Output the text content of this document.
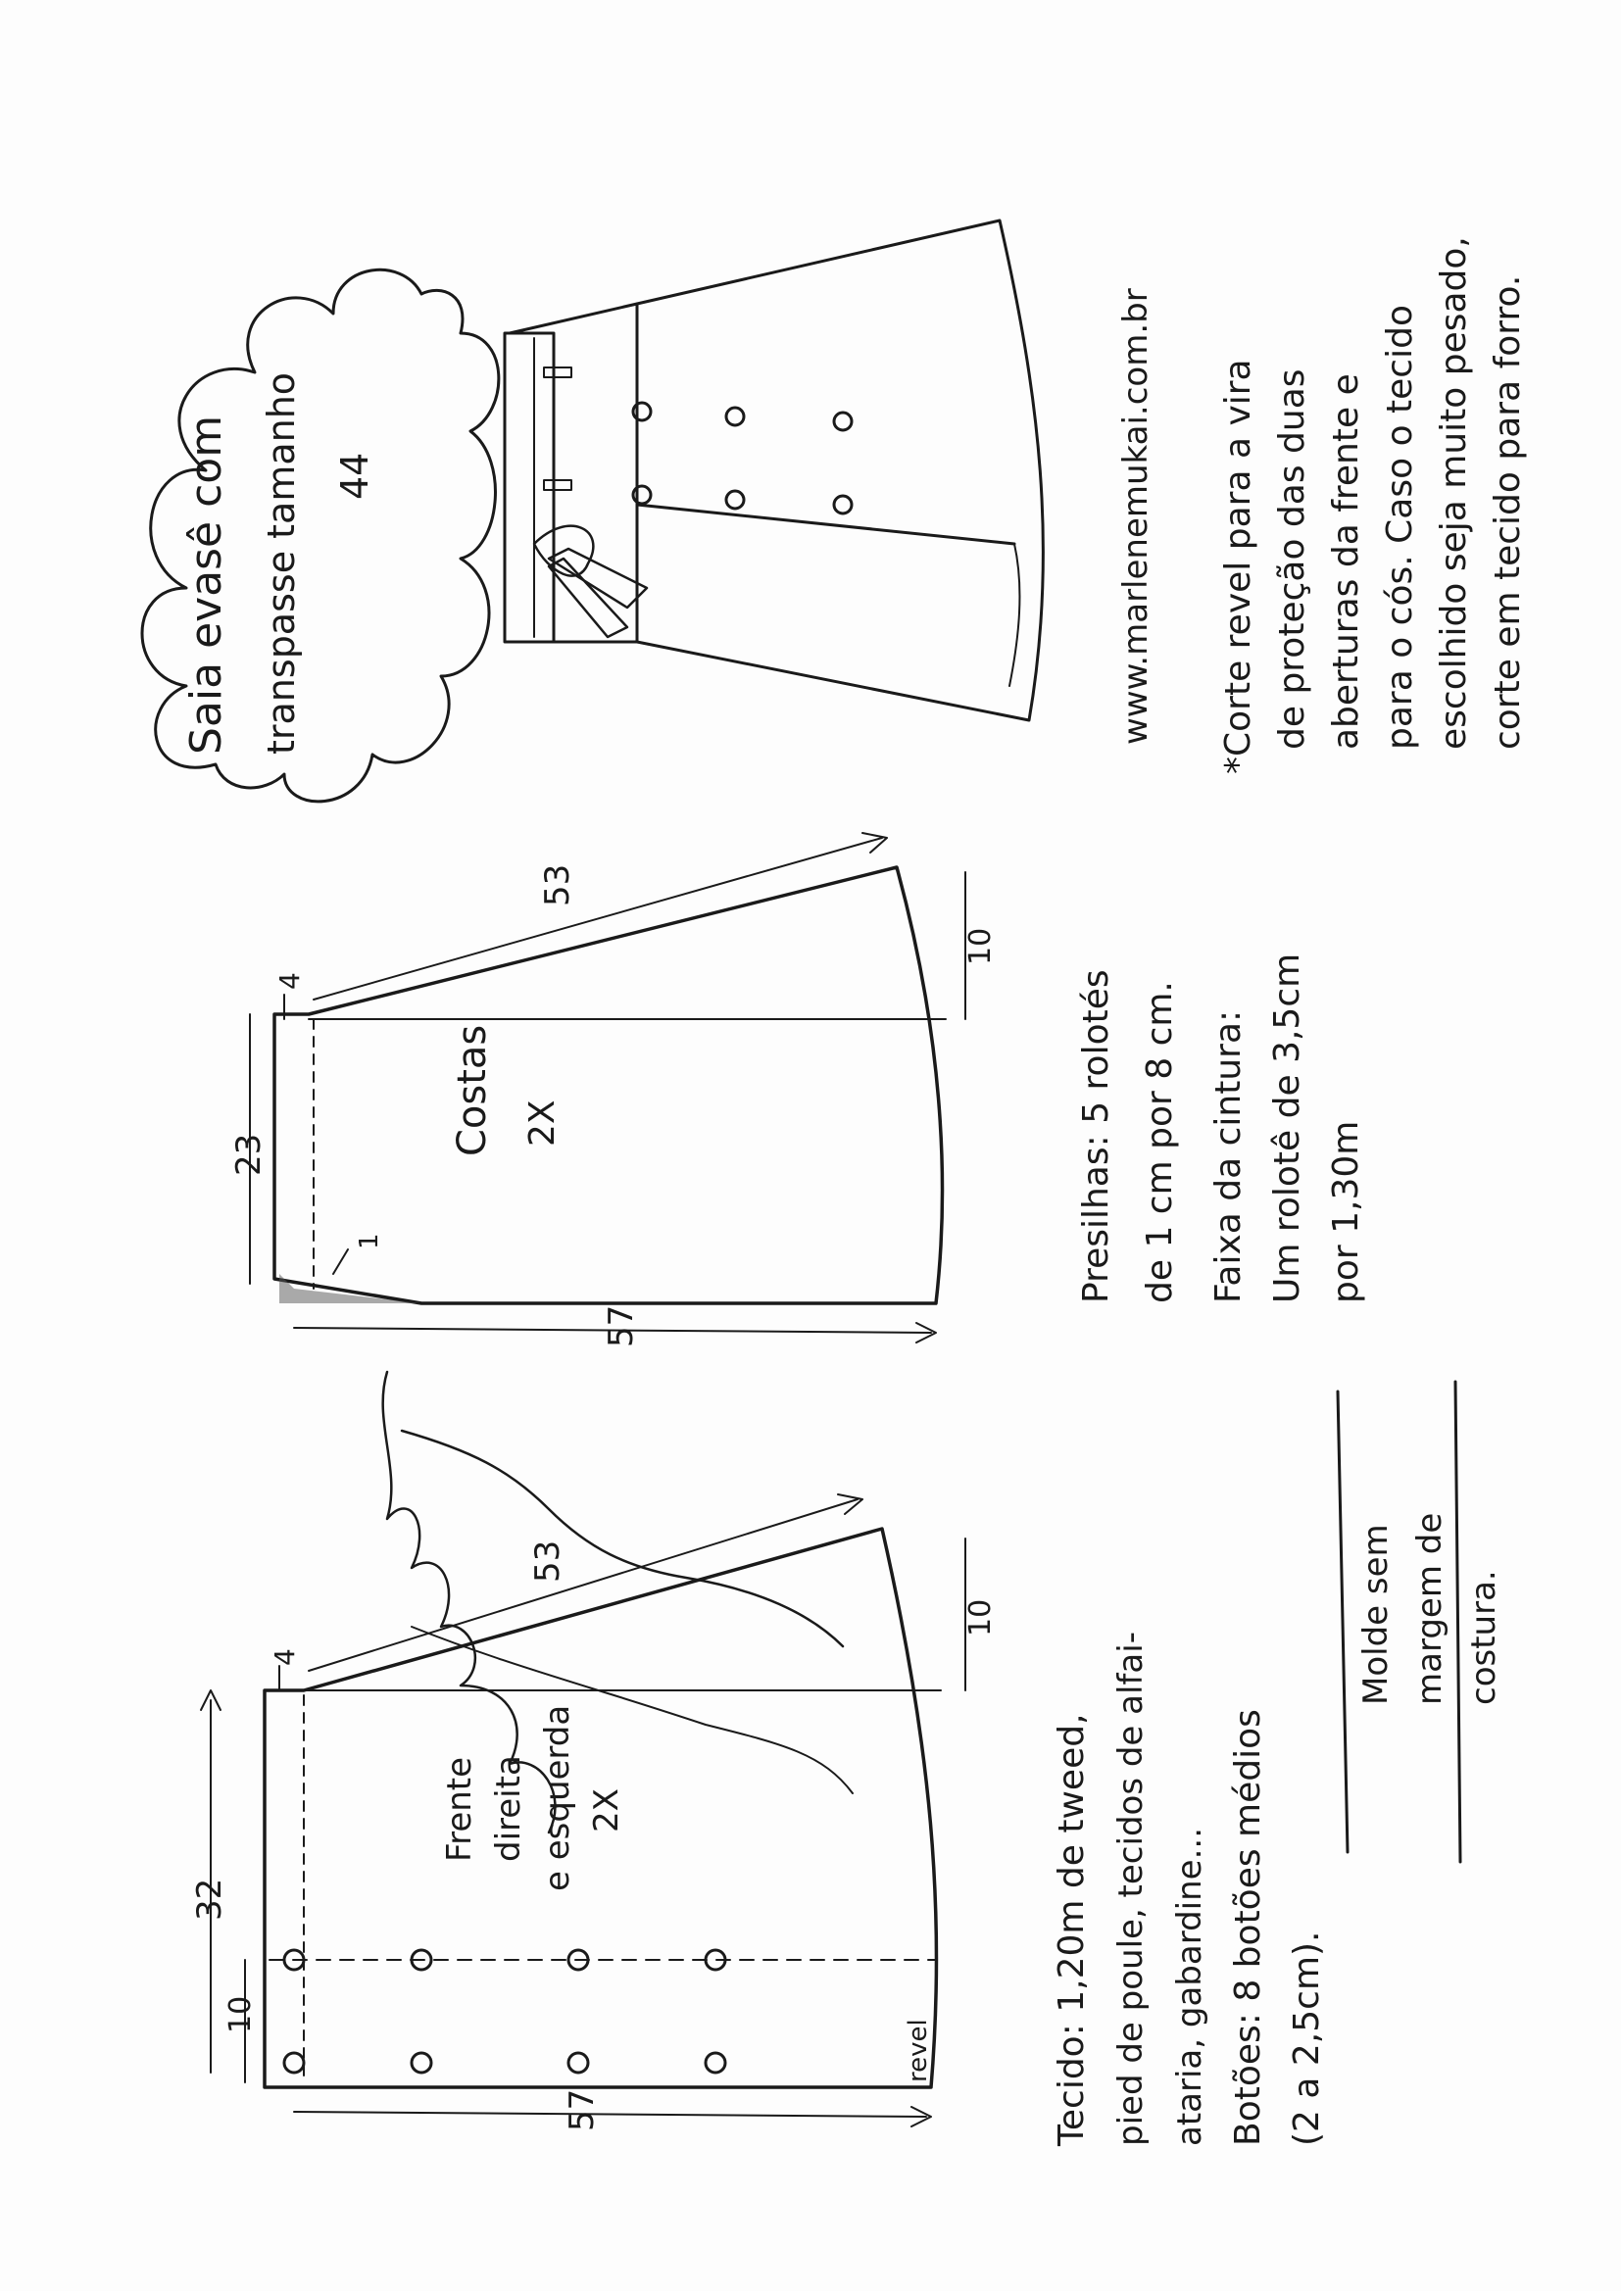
Saia evasê com transpasse tamanho 44	www.marlenemukai.com.br *Corte revel para a vira de proteção das duas aberturas da frente e para o cós. Caso o tecido escolhido seja muito pesado, corte em tecido para forro.
Costas 2X
53
4
23
57
10
1	Presilhas: 5 rolotés de 1 cm por 8 cm. Faixa da cintura: Um rolotê de 3,5cm por 1,30m
Frente direita e esquerda 2X
53
4
32
10
57
10
revel	Tecido: 1,20m de tweed, pied de poule, tecidos de alfai- ataria, gabardine... Botões: 8 botões médios (2 a 2,5cm).
Molde sem margem de costura.
